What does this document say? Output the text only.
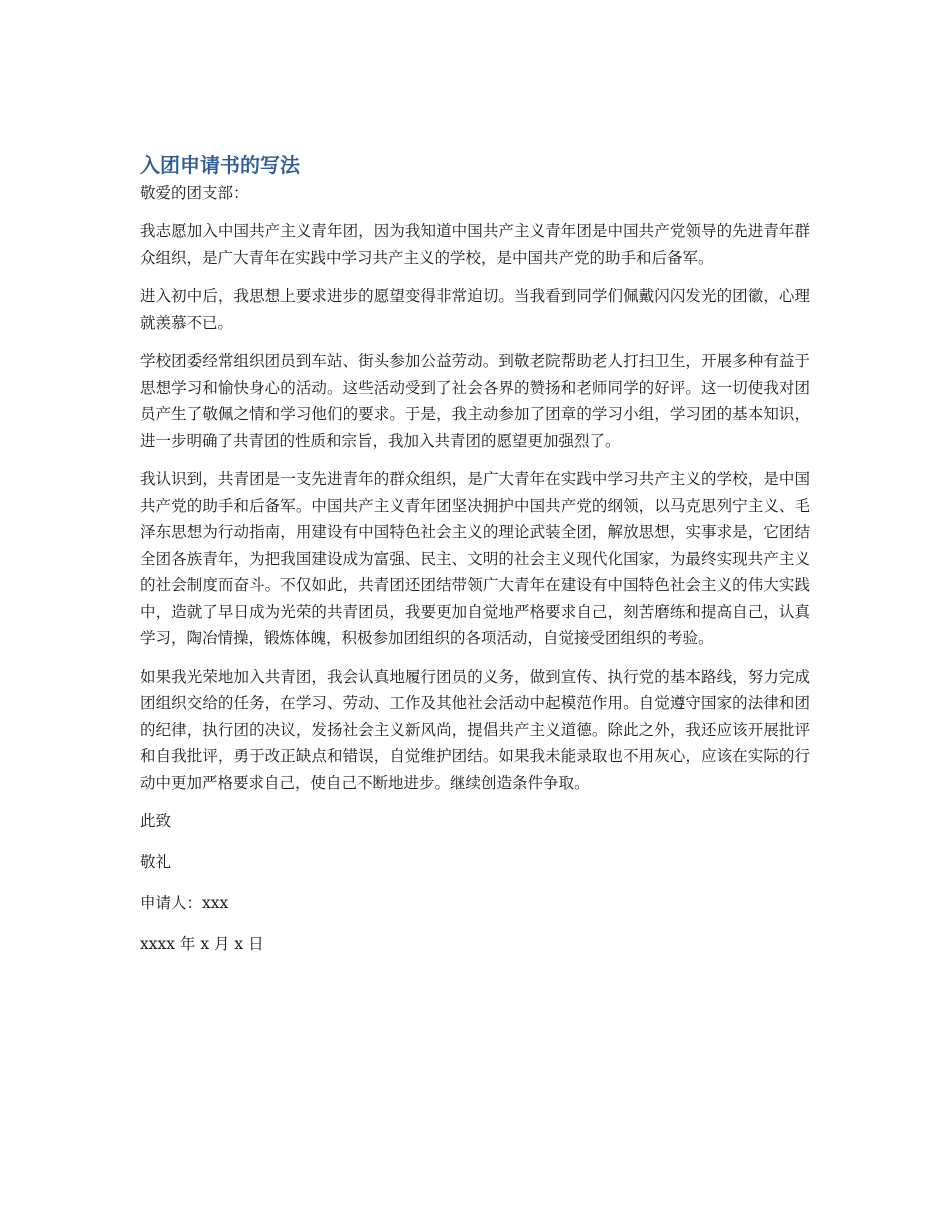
入团申请书的写法

敬爱的团支部：

我志愿加入中国共产主义青年团，因为我知道中国共产主义青年团是中国共产党领导的先进青年群众组织，是广大青年在实践中学习共产主义的学校，是中国共产党的助手和后备军。

进入初中后，我思想上要求进步的愿望变得非常迫切。当我看到同学们佩戴闪闪发光的团徽，心理就羡慕不已。

学校团委经常组织团员到车站、街头参加公益劳动。到敬老院帮助老人打扫卫生，开展多种有益于思想学习和愉快身心的活动。这些活动受到了社会各界的赞扬和老师同学的好评。这一切使我对团员产生了敬佩之情和学习他们的要求。于是，我主动参加了团章的学习小组，学习团的基本知识，进一步明确了共青团的性质和宗旨，我加入共青团的愿望更加强烈了。

我认识到，共青团是一支先进青年的群众组织，是广大青年在实践中学习共产主义的学校，是中国共产党的助手和后备军。中国共产主义青年团坚决拥护中国共产党的纲领，以马克思列宁主义、毛泽东思想为行动指南，用建设有中国特色社会主义的理论武装全团，解放思想，实事求是，它团结全团各族青年，为把我国建设成为富强、民主、文明的社会主义现代化国家，为最终实现共产主义的社会制度而奋斗。不仅如此，共青团还团结带领广大青年在建设有中国特色社会主义的伟大实践中，造就了早日成为光荣的共青团员，我要更加自觉地严格要求自己，刻苦磨练和提高自己，认真学习，陶冶情操，锻炼体魄，积极参加团组织的各项活动，自觉接受团组织的考验。

如果我光荣地加入共青团，我会认真地履行团员的义务，做到宣传、执行党的基本路线，努力完成团组织交给的任务，在学习、劳动、工作及其他社会活动中起模范作用。自觉遵守国家的法律和团的纪律，执行团的决议，发扬社会主义新风尚，提倡共产主义道德。除此之外，我还应该开展批评和自我批评，勇于改正缺点和错误，自觉维护团结。如果我未能录取也不用灰心，应该在实际的行动中更加严格要求自己，使自己不断地进步。继续创造条件争取。

此致

敬礼

申请人：xxx

xxxx 年 x 月 x 日
